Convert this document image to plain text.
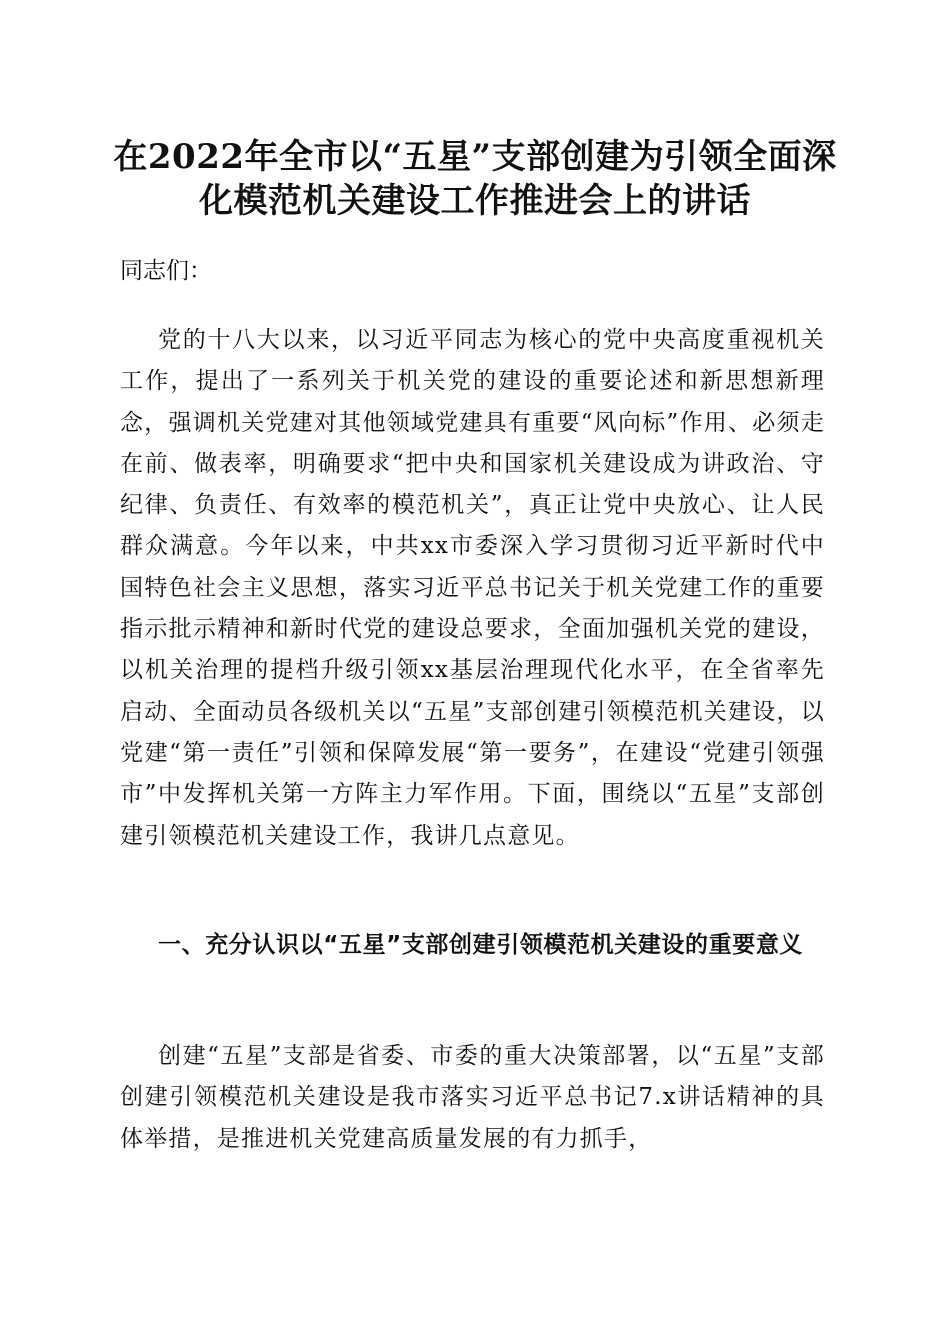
在2022年全市以“五星”支部创建为引领全面深化模范机关建设工作推进会上的讲话

同志们：

党的十八大以来，以习近平同志为核心的党中央高度重视机关工作，提出了一系列关于机关党的建设的重要论述和新思想新理念，强调机关党建对其他领域党建具有重要“风向标”作用、必须走在前、做表率，明确要求“把中央和国家机关建设成为讲政治、守纪律、负责任、有效率的模范机关”，真正让党中央放心、让人民群众满意。今年以来，中共xx市委深入学习贯彻习近平新时代中国特色社会主义思想，落实习近平总书记关于机关党建工作的重要指示批示精神和新时代党的建设总要求，全面加强机关党的建设，以机关治理的提档升级引领xx基层治理现代化水平，在全省率先启动、全面动员各级机关以“五星”支部创建引领模范机关建设，以党建“第一责任”引领和保障发展“第一要务”，在建设“党建引领强市”中发挥机关第一方阵主力军作用。下面，围绕以“五星”支部创建引领模范机关建设工作，我讲几点意见。

一、充分认识以“五星”支部创建引领模范机关建设的重要意义

创建“五星”支部是省委、市委的重大决策部署，以“五星”支部创建引领模范机关建设是我市落实习近平总书记7.x讲话精神的具体举措，是推进机关党建高质量发展的有力抓手，
